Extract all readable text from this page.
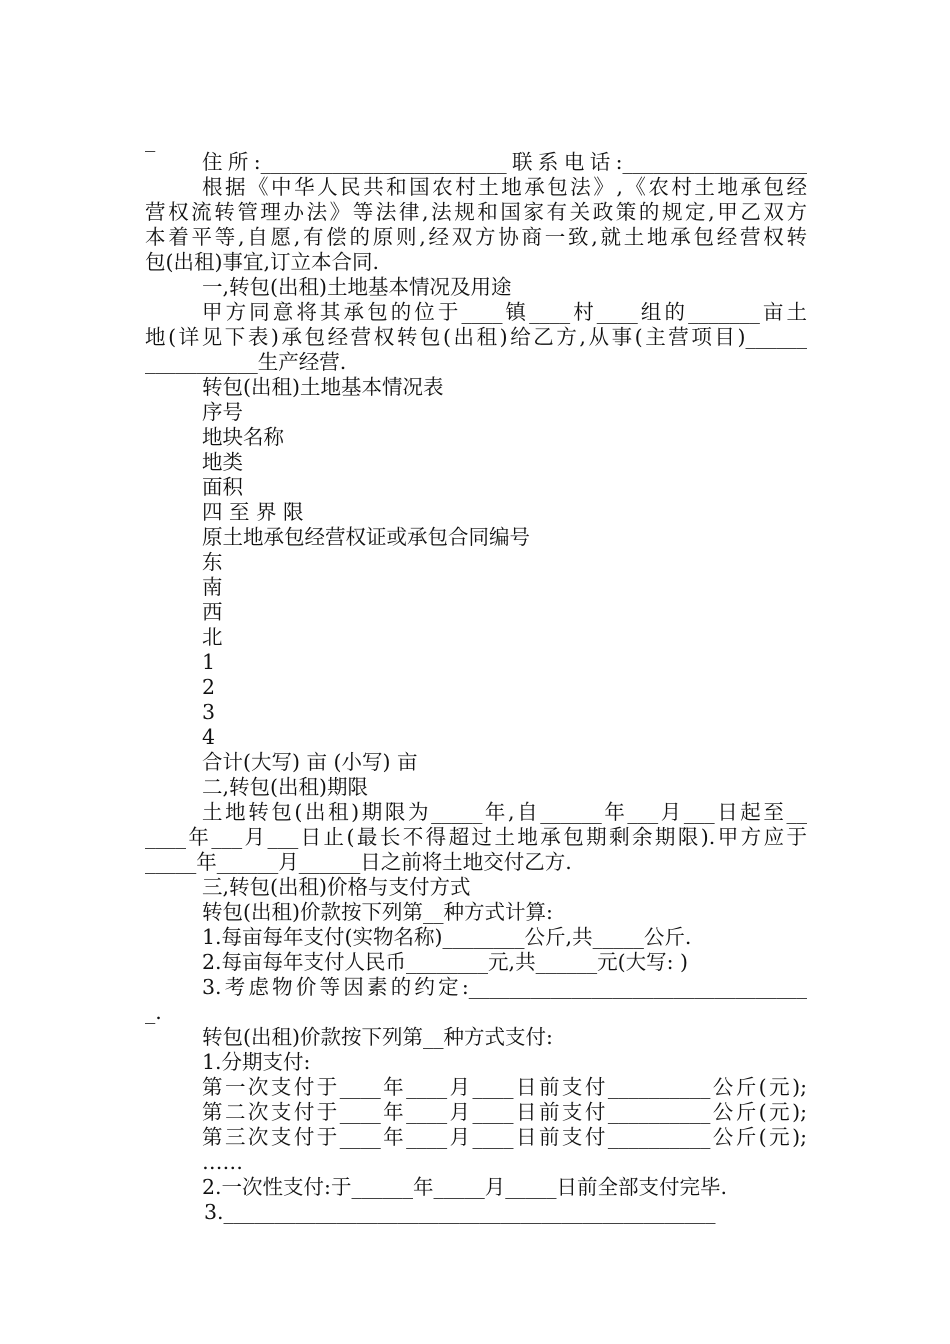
_

住所:________________________联系电话:__________________

根据《中华人民共和国农村土地承包法》,《农村土地承包经

营权流转管理办法》等法律,法规和国家有关政策的规定,甲乙双方

本着平等,自愿,有偿的原则,经双方协商一致,就土地承包经营权转

包(出租)事宜,订立本合同.

一,转包(出租)土地基本情况及用途

甲方同意将其承包的位于____镇____村____组的_______亩土

地(详见下表)承包经营权转包(出租)给乙方,从事(主营项目)______

___________生产经营.

转包(出租)土地基本情况表

序号

地块名称

地类

面积

四 至 界 限

原土地承包经营权证或承包合同编号

东

南

西

北

1

2

3

4

合计(大写) 亩 (小写) 亩

二,转包(出租)期限

土地转包(出租)期限为_____年,自______年___月___日起至__

____年___月___日止(最长不得超过土地承包期剩余期限).甲方应于

_____年______月______日之前将土地交付乙方.

三,转包(出租)价格与支付方式

转包(出租)价款按下列第__种方式计算:

1.每亩每年支付(实物名称)________公斤,共_____公斤.

2.每亩每年支付人民币________元,共______元(大写: )

3.考虑物价等因素的约定:_________________________________

_.

转包(出租)价款按下列第__种方式支付:

1.分期支付:

第一次支付于____年____月____日前支付__________公斤(元);

第二次支付于____年____月____日前支付__________公斤(元);

第三次支付于____年____月____日前支付__________公斤(元);

……

2.一次性支付:于______年_____月_____日前全部支付完毕.

3.________________________________________________
